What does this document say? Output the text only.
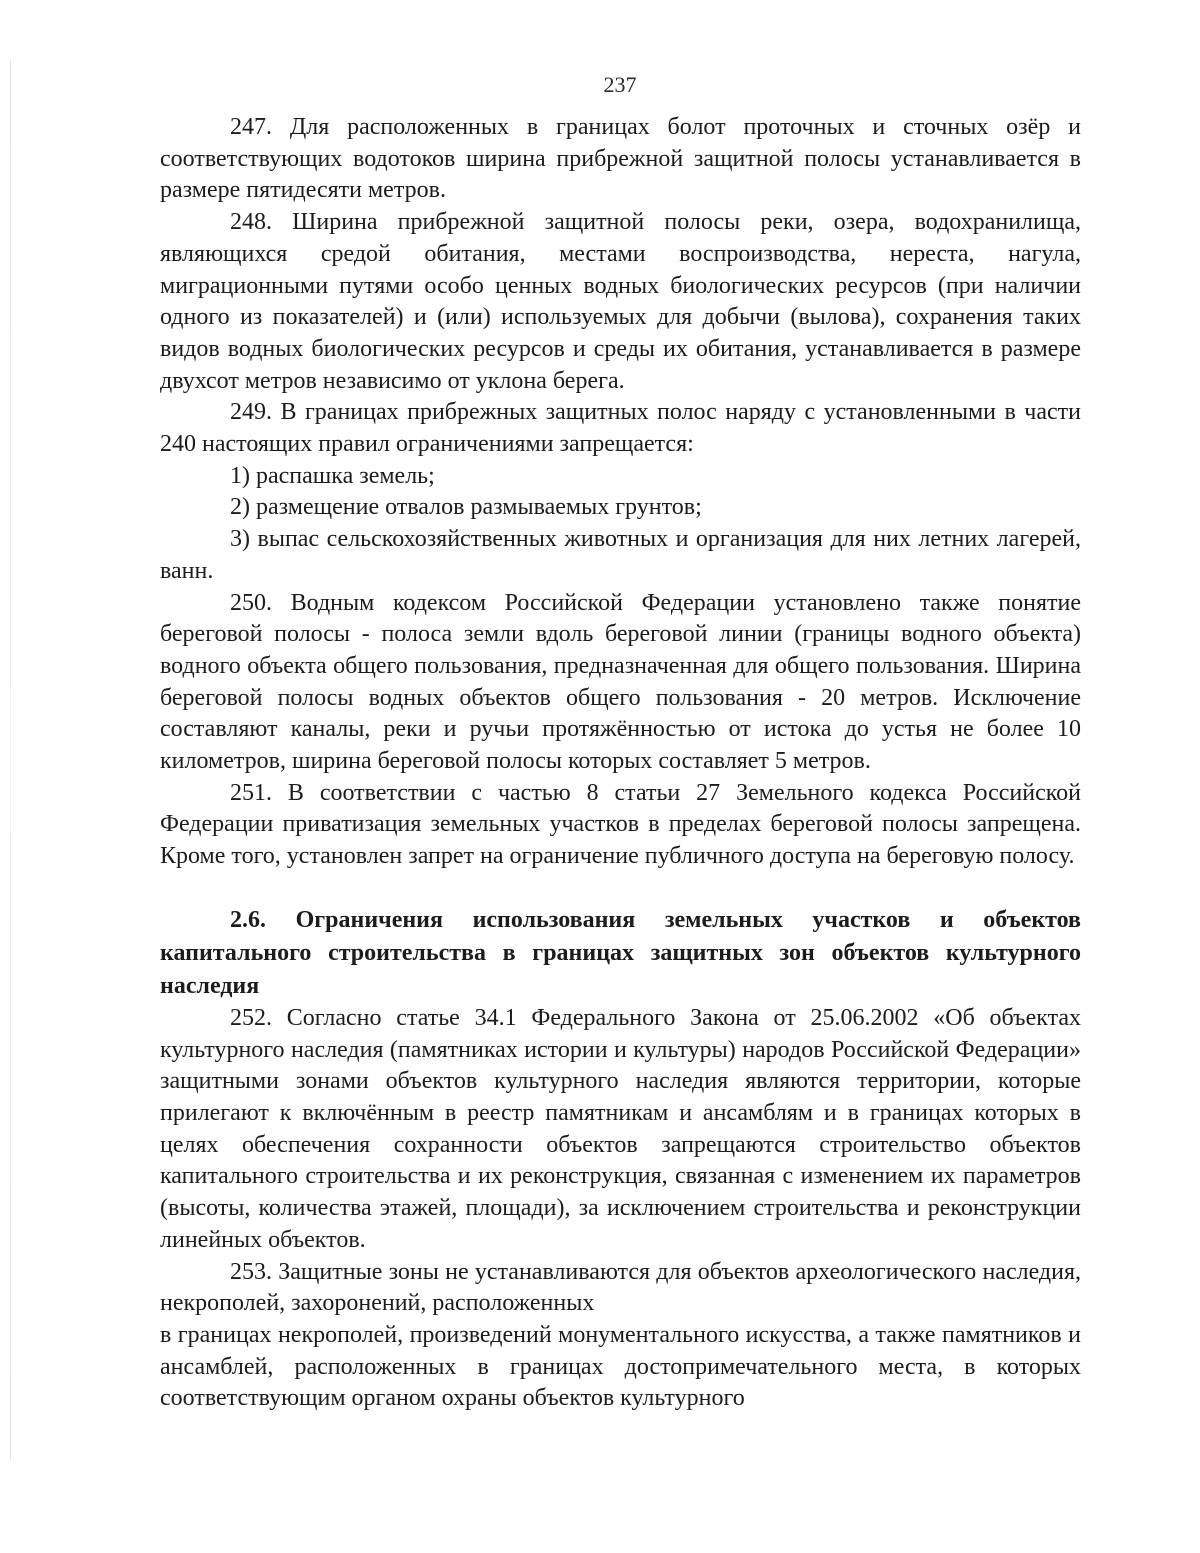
237

247. Для расположенных в границах болот проточных и сточных озёр и соответствующих водотоков ширина прибрежной защитной полосы устанавливается в размере пятидесяти метров.

248. Ширина прибрежной защитной полосы реки, озера, водохранилища, являющихся средой обитания, местами воспроизводства, нереста, нагула, миграционными путями особо ценных водных биологических ресурсов (при наличии одного из показателей) и (или) используемых для добычи (вылова), сохранения таких видов водных биологических ресурсов и среды их обитания, устанавливается в размере двухсот метров независимо от уклона берега.

249. В границах прибрежных защитных полос наряду с установленными в части 240 настоящих правил ограничениями запрещается:

1) распашка земель;

2) размещение отвалов размываемых грунтов;

3) выпас сельскохозяйственных животных и организация для них летних лагерей, ванн.

250. Водным кодексом Российской Федерации установлено также понятие береговой полосы - полоса земли вдоль береговой линии (границы водного объекта) водного объекта общего пользования, предназначенная для общего пользования. Ширина береговой полосы водных объектов общего пользования - 20 метров. Исключение составляют каналы, реки и ручьи протяжённостью от истока до устья не более 10 километров, ширина береговой полосы которых составляет 5 метров.

251. В соответствии с частью 8 статьи 27 Земельного кодекса Российской Федерации приватизация земельных участков в пределах береговой полосы запрещена. Кроме того, установлен запрет на ограничение публичного доступа на береговую полосу.

2.6. Ограничения использования земельных участков и объектов капитального строительства в границах защитных зон объектов культурного наследия

252. Согласно статье 34.1 Федерального Закона от 25.06.2002 «Об объектах культурного наследия (памятниках истории и культуры) народов Российской Федерации» защитными зонами объектов культурного наследия являются территории, которые прилегают к включённым в реестр памятникам и ансамблям и в границах которых в целях обеспечения сохранности объектов запрещаются строительство объектов капитального строительства и их реконструкция, связанная с изменением их параметров (высоты, количества этажей, площади), за исключением строительства и реконструкции линейных объектов.

253. Защитные зоны не устанавливаются для объектов археологического наследия, некрополей, захоронений, расположенных

в границах некрополей, произведений монументального искусства, а также памятников и ансамблей, расположенных в границах достопримечательного места, в которых соответствующим органом охраны объектов культурного
